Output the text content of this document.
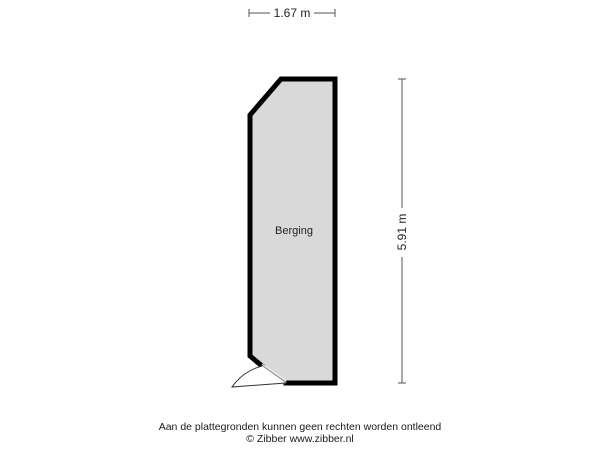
1.67 m
5.91 m
Berging
Aan de plattegronden kunnen geen rechten worden ontleend
© Zibber www.zibber.nl
